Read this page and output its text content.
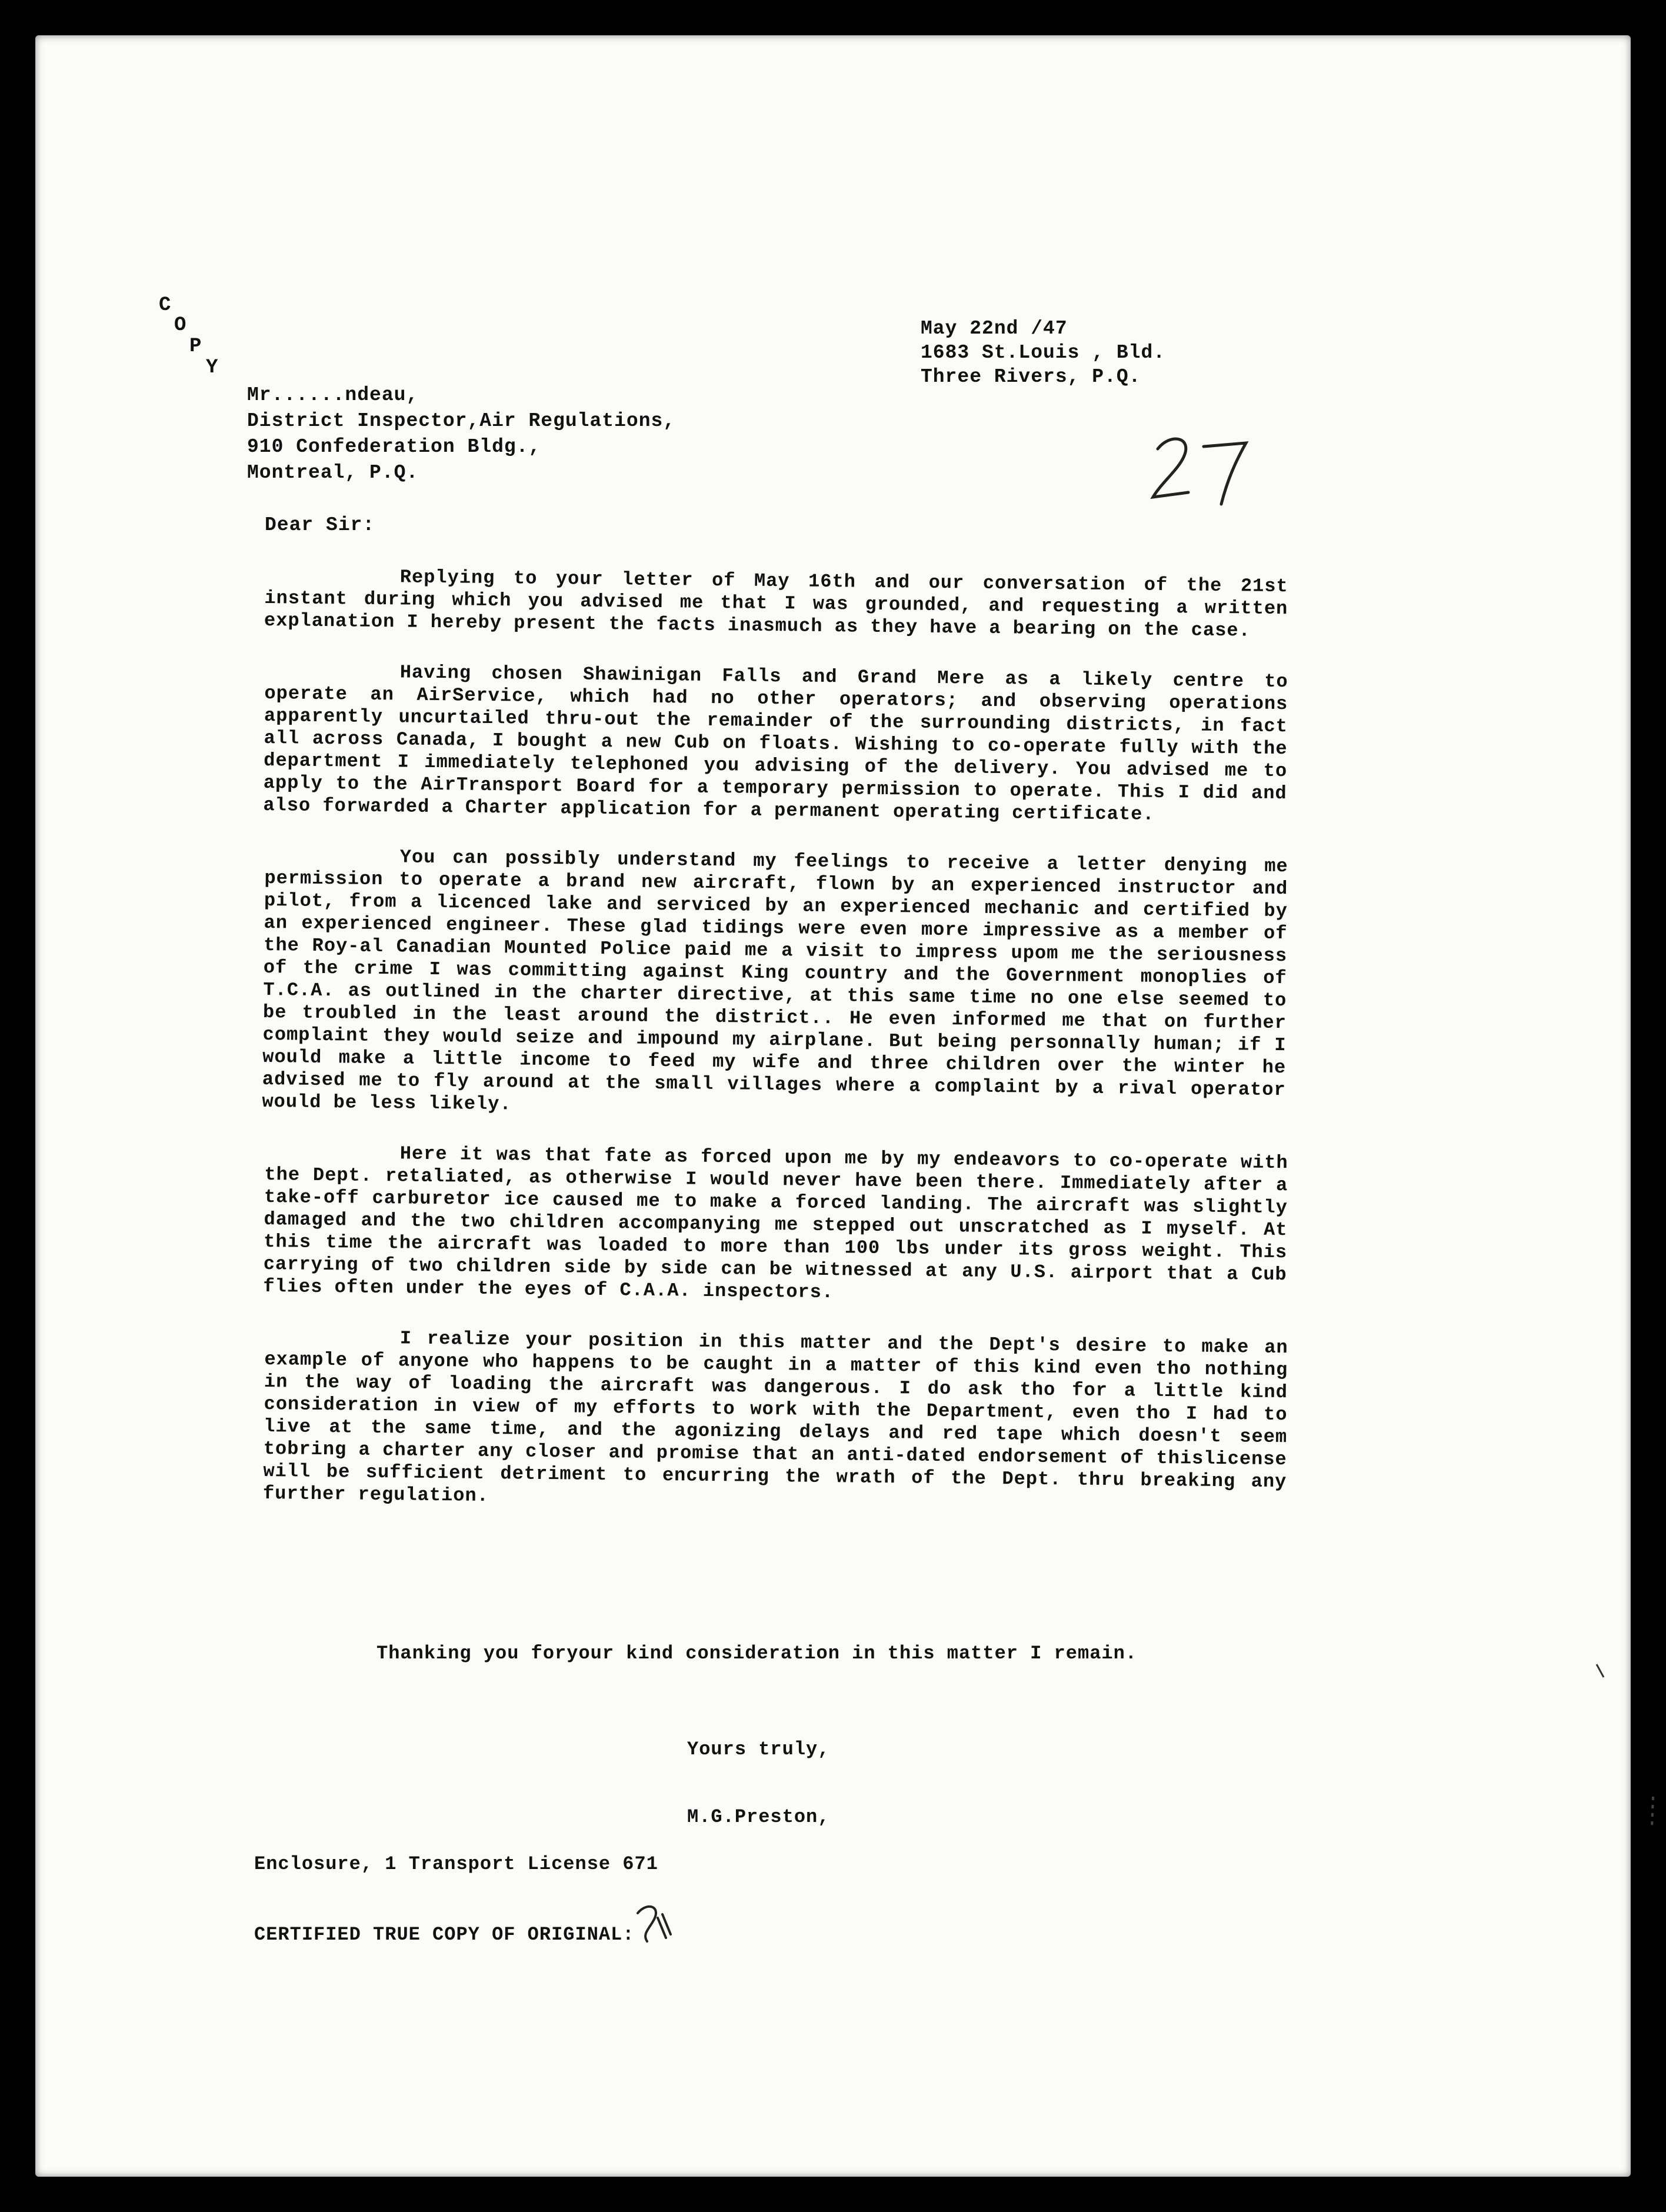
C
O
P
Y
May 22nd /47
1683 St.Louis , Bld.
Three Rivers, P.Q.
Mr......ndeau,
District Inspector,Air Regulations,
910 Confederation Bldg.,
Montreal, P.Q.
Dear Sir:

Replying to your letter of May 16th and our conversation of the 21st instant during which you advised me that I was grounded, and requesting a written explanation I hereby present the facts inasmuch as they have a bearing on the case.

Having chosen Shawinigan Falls and Grand Mere as a likely centre to operate an AirService, which had no other operators; and observing operations apparently uncurtailed thru-out the remainder of the surrounding districts, in fact all across Canada, I bought a new Cub on floats. Wishing to co-operate fully with the department I immediately telephoned you advising of the delivery. You advised me to apply to the AirTransport Board for a temporary permission to operate. This I did and also forwarded a Charter application for a permanent operating certificate.

You can possibly understand my feelings to receive a letter denying me permission to operate a brand new aircraft, flown by an experienced instructor and pilot, from a licenced lake and serviced by an experienced mechanic and certified by an experienced engineer. These glad tidings were even more impressive as a member of the Roy-al Canadian Mounted Police paid me a visit to impress upom me the seriousness of the crime I was committing against King country and the Government monoplies of T.C.A. as outlined in the charter directive, at this same time no one else seemed to be troubled in the least around the district.. He even informed me that on further complaint they would seize and impound my airplane. But being personnally human; if I would make a little income to feed my wife and three children over the winter he advised me to fly around at the small villages where a complaint by a rival operator would be less likely.

Here it was that fate as forced upon me by my endeavors to co-operate with the Dept. retaliated, as otherwise I would never have been there. Immediately after a take-off carburetor ice caused me to make a forced landing. The aircraft was slightly damaged and the two children accompanying me stepped out unscratched as I myself. At this time the aircraft was loaded to more than 100 lbs under its gross weight. This carrying of two children side by side can be witnessed at any U.S. airport that a Cub flies often under the eyes of C.A.A. inspectors.

I realize your position in this matter and the Dept's desire to make an example of anyone who happens to be caught in a matter of this kind even tho nothing in the way of loading the aircraft was dangerous. I do ask tho for a little kind consideration in view of my efforts to work with the Department, even tho I had to live at the same time, and the agonizing delays and red tape which doesn't seem tobring a charter any closer and promise that an anti-dated endorsement of thislicense will be sufficient detriment to encurring the wrath of the Dept. thru breaking any further regulation.

Thanking you foryour kind consideration in this matter I remain.
Yours truly,
M.G.Preston,
Enclosure, 1 Transport License 671
CERTIFIED TRUE COPY OF ORIGINAL:
